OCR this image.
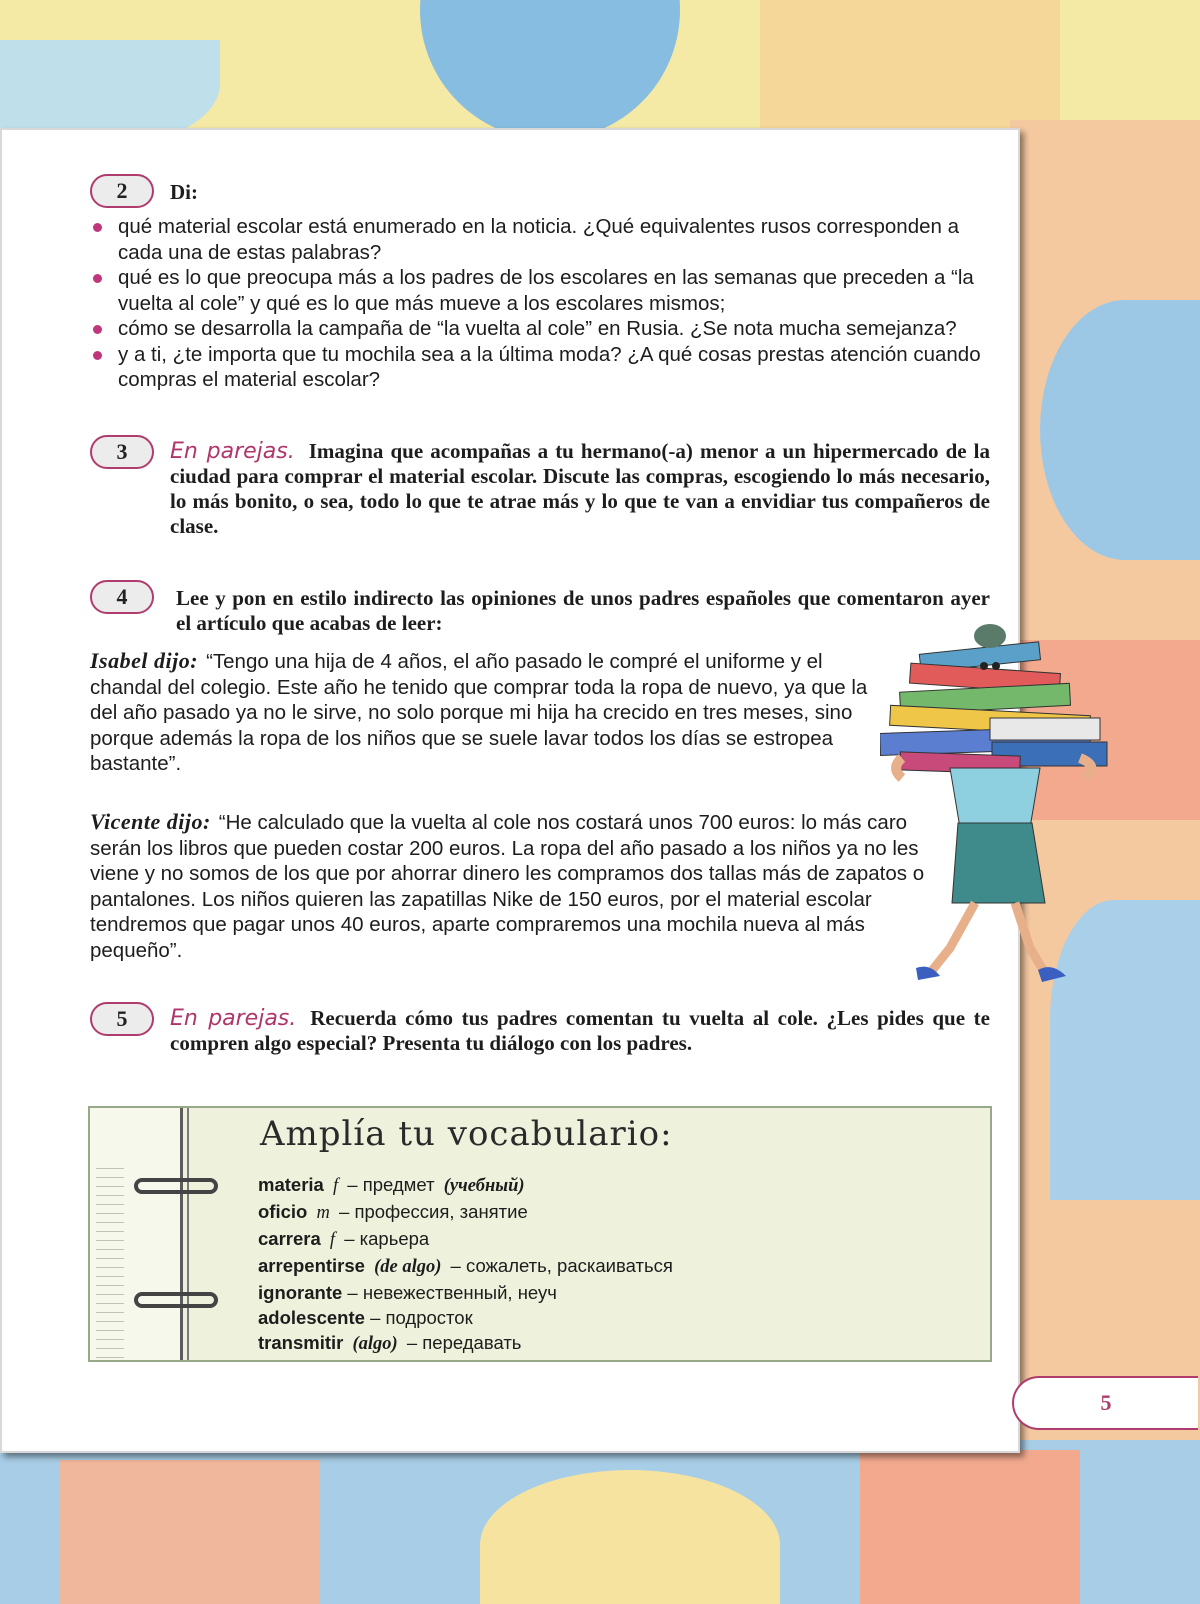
2	Di:
qué material escolar está enumerado en la noticia. ¿Qué equivalentes rusos corresponden a cada una de estas palabras?
qué es lo que preocupa más a los padres de los escolares en las semanas que preceden a “la vuelta al cole” y qué es lo que más mueve a los escolares mismos;
cómo se desarrolla la campaña de “la vuelta al cole” en Rusia. ¿Se nota mucha semejanza?
y a ti, ¿te importa que tu mochila sea a la última moda? ¿A qué cosas prestas atención cuando compras el material escolar?
3	En parejas. Imagina que acompañas a tu hermano(-a) menor a un hipermercado de la ciudad para comprar el material escolar. Discute las compras, escogiendo lo más necesario, lo más bonito, o sea, todo lo que te atrae más y lo que te van a envidiar tus compañeros de clase.
4	Lee y pon en estilo indirecto las opiniones de unos padres españoles que comentaron ayer el artículo que acabas de leer:
Isabel dijo: “Tengo una hija de 4 años, el año pasado le compré el uniforme y el chandal del colegio. Este año he tenido que comprar toda la ropa de nuevo, ya que la del año pasado ya no le sirve, no solo porque mi hija ha crecido en tres meses, sino porque además la ropa de los niños que se suele lavar todos los días se estropea bastante”.
Vicente dijo: “He calculado que la vuelta al cole nos costará unos 700 euros: lo más caro serán los libros que pueden costar 200 euros. La ropa del año pasado a los niños ya no les viene y no somos de los que por ahorrar dinero les compramos dos tallas más de zapatos o pantalones. Los niños quieren las zapatillas Nike de 150 euros, por el material escolar tendremos que pagar unos 40 euros, aparte compraremos una mochila nueva al más pequeño”.
5	En parejas. Recuerda cómo tus padres comentan tu vuelta al cole. ¿Les pides que te compren algo especial? Presenta tu diálogo con los padres.
Amplía tu vocabulario:
materia f – предмет (учебный)
oficio m – профессия, занятие
carrera f – карьера
arrepentirse (de algo) – сожалеть, раскаиваться
ignorante – невежественный, неуч
adolescente – подросток
transmitir (algo) – передавать
5
